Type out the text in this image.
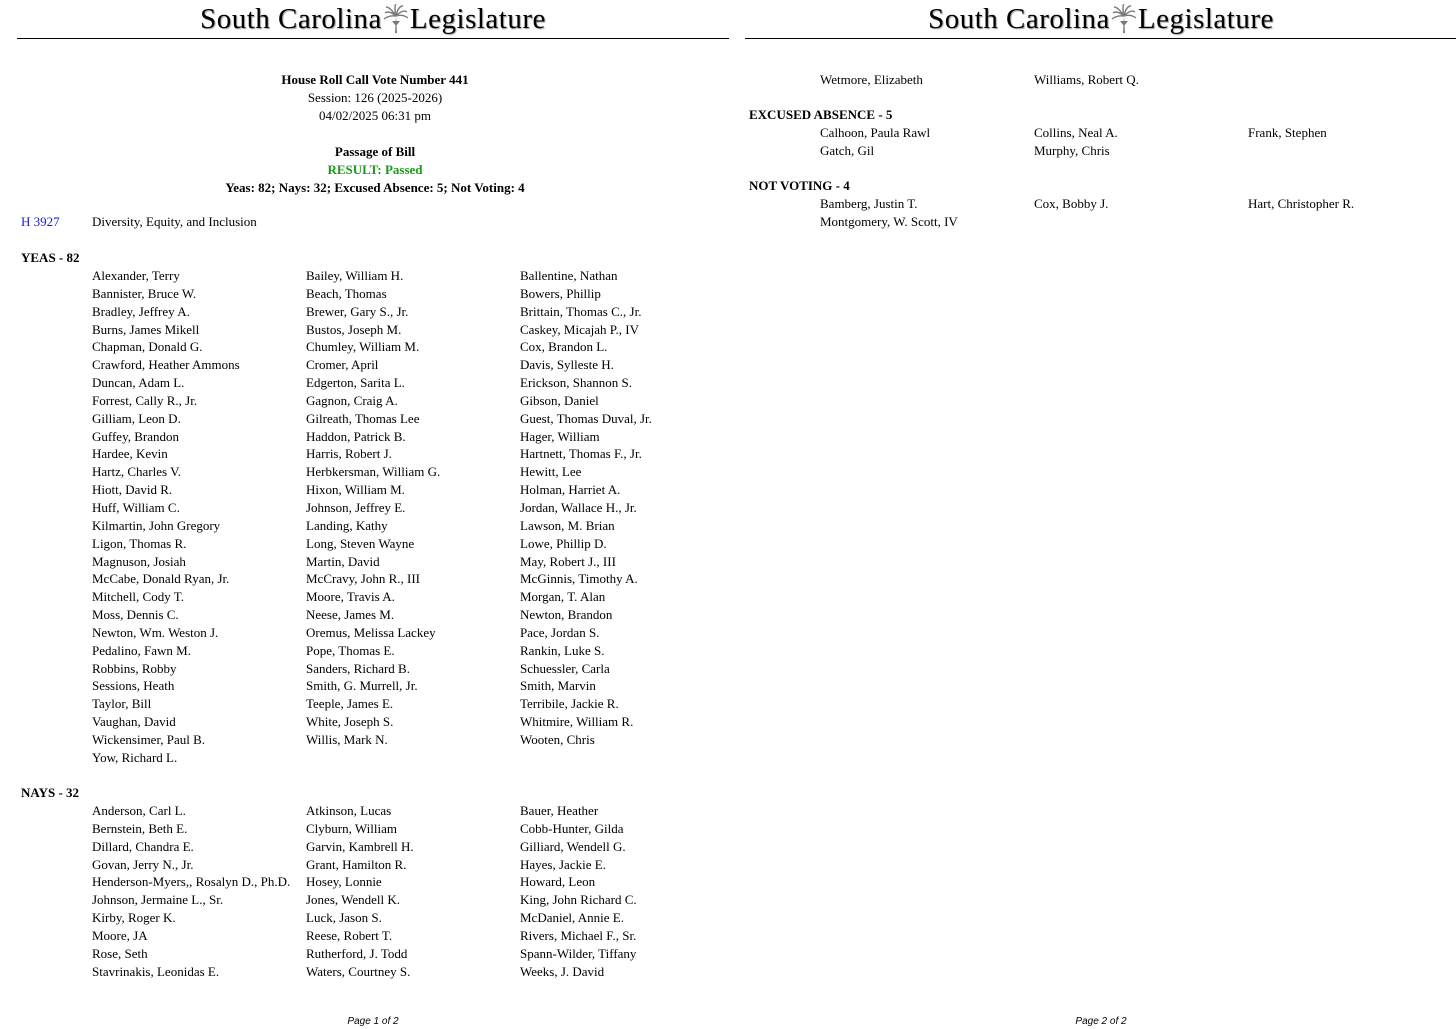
South Carolina Legislature
House Roll Call Vote Number 441
Session: 126 (2025-2026)
04/02/2025 06:31 pm
Passage of Bill
RESULT: Passed
Yeas: 82; Nays: 32; Excused Absence: 5; Not Voting: 4
H 3927 Diversity, Equity, and Inclusion
YEAS - 82
Alexander, Terry	Bailey, William H.	Ballentine, Nathan
Bannister, Bruce W.	Beach, Thomas	Bowers, Phillip
Bradley, Jeffrey A.	Brewer, Gary S., Jr.	Brittain, Thomas C., Jr.
Burns, James Mikell	Bustos, Joseph M.	Caskey, Micajah P., IV
Chapman, Donald G.	Chumley, William M.	Cox, Brandon L.
Crawford, Heather Ammons	Cromer, April	Davis, Sylleste H.
Duncan, Adam L.	Edgerton, Sarita L.	Erickson, Shannon S.
Forrest, Cally R., Jr.	Gagnon, Craig A.	Gibson, Daniel
Gilliam, Leon D.	Gilreath, Thomas Lee	Guest, Thomas Duval, Jr.
Guffey, Brandon	Haddon, Patrick B.	Hager, William
Hardee, Kevin	Harris, Robert J.	Hartnett, Thomas F., Jr.
Hartz, Charles V.	Herbkersman, William G.	Hewitt, Lee
Hiott, David R.	Hixon, William M.	Holman, Harriet A.
Huff, William C.	Johnson, Jeffrey E.	Jordan, Wallace H., Jr.
Kilmartin, John Gregory	Landing, Kathy	Lawson, M. Brian
Ligon, Thomas R.	Long, Steven Wayne	Lowe, Phillip D.
Magnuson, Josiah	Martin, David	May, Robert J., III
McCabe, Donald Ryan, Jr.	McCravy, John R., III	McGinnis, Timothy A.
Mitchell, Cody T.	Moore, Travis A.	Morgan, T. Alan
Moss, Dennis C.	Neese, James M.	Newton, Brandon
Newton, Wm. Weston J.	Oremus, Melissa Lackey	Pace, Jordan S.
Pedalino, Fawn M.	Pope, Thomas E.	Rankin, Luke S.
Robbins, Robby	Sanders, Richard B.	Schuessler, Carla
Sessions, Heath	Smith, G. Murrell, Jr.	Smith, Marvin
Taylor, Bill	Teeple, James E.	Terribile, Jackie R.
Vaughan, David	White, Joseph S.	Whitmire, William R.
Wickensimer, Paul B.	Willis, Mark N.	Wooten, Chris
Yow, Richard L.
NAYS - 32
Anderson, Carl L.	Atkinson, Lucas	Bauer, Heather
Bernstein, Beth E.	Clyburn, William	Cobb-Hunter, Gilda
Dillard, Chandra E.	Garvin, Kambrell H.	Gilliard, Wendell G.
Govan, Jerry N., Jr.	Grant, Hamilton R.	Hayes, Jackie E.
Henderson-Myers,, Rosalyn D., Ph.D.	Hosey, Lonnie	Howard, Leon
Johnson, Jermaine L., Sr.	Jones, Wendell K.	King, John Richard C.
Kirby, Roger K.	Luck, Jason S.	McDaniel, Annie E.
Moore, JA	Reese, Robert T.	Rivers, Michael F., Sr.
Rose, Seth	Rutherford, J. Todd	Spann-Wilder, Tiffany
Stavrinakis, Leonidas E.	Waters, Courtney S.	Weeks, J. David
Page 1 of 2
South Carolina Legislature
Wetmore, Elizabeth	Williams, Robert Q.
EXCUSED ABSENCE - 5
Calhoon, Paula Rawl	Collins, Neal A.	Frank, Stephen
Gatch, Gil	Murphy, Chris
NOT VOTING - 4
Bamberg, Justin T.	Cox, Bobby J.	Hart, Christopher R.
Montgomery, W. Scott, IV
Page 2 of 2
